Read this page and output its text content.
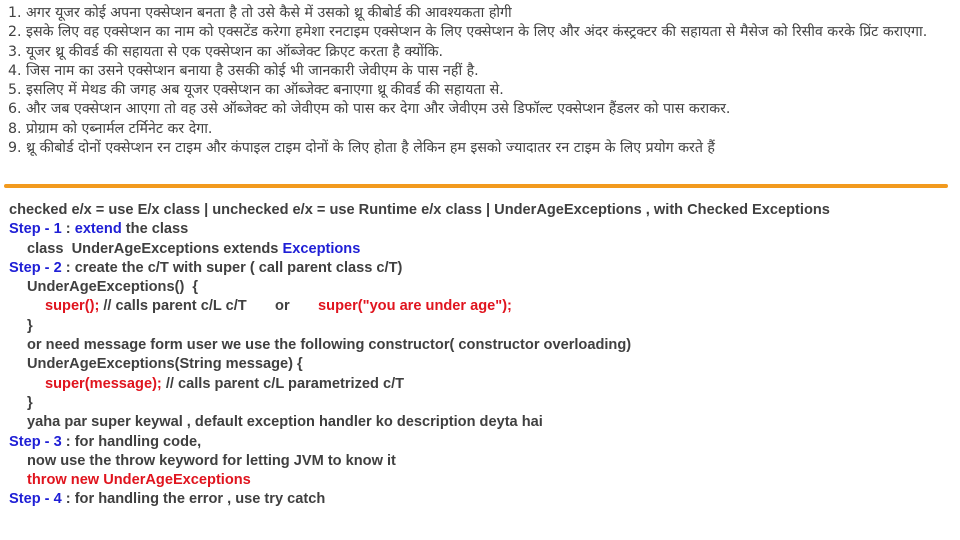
1. अगर यूजर कोई अपना एक्सेप्शन बनता है तो उसे कैसे में उसको थ्रू कीबोर्ड की आवश्यकता होगी

2. इसके लिए वह एक्सेप्शन का नाम को एक्सटेंड करेगा हमेशा रनटाइम एक्सेप्शन के लिए एक्सेप्शन के लिए और अंदर कंस्ट्रक्टर की सहायता से मैसेज को रिसीव करके प्रिंट कराएगा.

3. यूजर थ्रू कीवर्ड की सहायता से एक एक्सेप्शन का ऑब्जेक्ट क्रिएट करता है क्योंकि.

4. जिस नाम का उसने एक्सेप्शन बनाया है उसकी कोई भी जानकारी जेवीएम के पास नहीं है.

5. इसलिए में मेथड की जगह अब यूजर एक्सेप्शन का ऑब्जेक्ट बनाएगा थ्रू कीवर्ड की सहायता से.

6. और जब एक्सेप्शन आएगा तो वह उसे ऑब्जेक्ट को जेवीएम को पास कर देगा और जेवीएम उसे डिफॉल्ट एक्सेप्शन हैंडलर को पास कराकर.

8. प्रोग्राम को एब्नार्मल टर्मिनेट कर देगा.

9. थ्रू कीबोर्ड दोनों एक्सेप्शन रन टाइम और कंपाइल टाइम दोनों के लिए होता है लेकिन हम इसको ज्यादातर रन टाइम के लिए प्रयोग करते हैं

checked e/x = use E/x class | unchecked e/x = use Runtime e/x class | UnderAgeExceptions , with Checked Exceptions

Step - 1 : extend the class

class  UnderAgeExceptions extends Exceptions

Step - 2 : create the c/T with super ( call parent class c/T)

UnderAgeExceptions()  {

super(); // calls parent c/L c/T       or       super("you are under age");

}

or need message form user we use the following constructor( constructor overloading)

UnderAgeExceptions(String message) {

super(message); // calls parent c/L parametrized c/T

}

yaha par super keywal , default exception handler ko description deyta hai

Step - 3 : for handling code,

now use the throw keyword for letting JVM to know it

throw new UnderAgeExceptions

Step - 4 : for handling the error , use try catch
